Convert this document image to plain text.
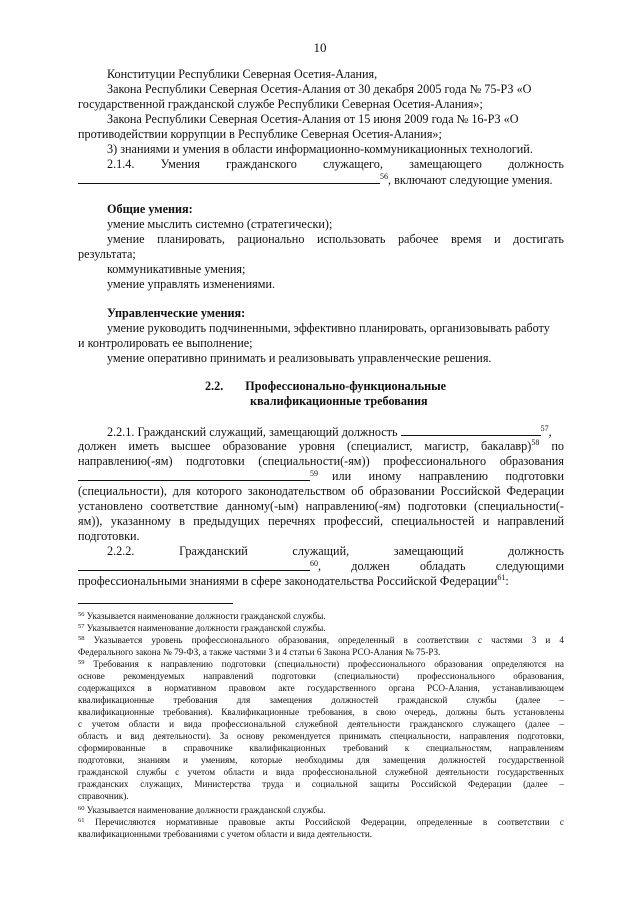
10
Конституции Республики Северная Осетия-Алания,
Закона Республики Северная Осетия-Алания от 30 декабря 2005 года № 75-РЗ «О
государственной гражданской службе Республики Северная Осетия-Алания»;
Закона Республики Северная Осетия-Алания от 15 июня 2009 года № 16-РЗ «О
противодействии коррупции в Республике Северная Осетия-Алания»;
3) знаниями и умения в области информационно-коммуникационных технологий.
2.1.4. Умения гражданского служащего, замещающего должность
$^{56}$, включают следующие умения.
Общие умения:
умение мыслить системно (стратегически);
умение планировать, рационально использовать рабочее время и достигать
результата;
коммуникативные умения;
умение управлять изменениями.
Управленческие умения:
умение руководить подчиненными, эффективно планировать, организовывать работу
и контролировать ее выполнение;
умение оперативно принимать и реализовывать управленческие решения.
2.2. Профессионально-функциональные
квалификационные требования
2.2.1. Гражданский служащий, замещающий должность	$^{57}$,
должен иметь высшее образование уровня (специалист, магистр, бакалавр)$^{58}$ по
направлению(-ям) подготовки (специальности(-ям)) профессионального образования
$^{59}$ или иному направлению подготовки
(специальности), для которого законодательством об образовании Российской Федерации
установлено соответствие данному(-ым) направлению(-ям) подготовки (специальности(-
ям)), указанному в предыдущих перечнях профессий, специальностей и направлений
подготовки.
2.2.2.	Гражданский	служащий,	замещающий	должность
$^{60}$ , должен обладать следующими
профессиональными знаниями в сфере законодательства Российской Федерации$^{61}$:
$^{56}$ Указывается наименование должности гражданской службы.
$^{57}$ Указывается наименование должности гражданской службы.
$^{58}$ Указывается уровень профессионального образования, определенный в соответствии с частями 3 и 4
Федерального закона № 79-ФЗ, а также частями 3 и 4 статьи 6 Закона РСО-Алания № 75-РЗ.
$^{59}$ Требования к направлению подготовки (специальности) профессионального образования определяются на
основе рекомендуемых направлений подготовки (специальности) профессионального образования,
содержащихся в нормативном правовом акте государственного органа РСО-Алания, устанавливающем
квалификационные требования для замещения должностей гражданской службы (далее –
квалификационные требования). Квалификационные требования, в свою очередь, должны быть установлены
с учетом области и вида профессиональной служебной деятельности гражданского служащего (далее –
область и вид деятельности). За основу рекомендуется принимать специальности, направления подготовки,
сформированные в справочнике квалификационных требований к специальностям, направлениям
подготовки, знаниям и умениям, которые необходимы для замещения должностей государственной
гражданской службы с учетом области и вида профессиональной служебной деятельности государственных
гражданских служащих, Министерства труда и социальной защиты Российской Федерации (далее –
справочник).
$^{60}$ Указывается наименование должности гражданской службы.
$^{61}$ Перечисляются нормативные правовые акты Российской Федерации, определенные в соответствии с
квалификационными требованиями с учетом области и вида деятельности.
